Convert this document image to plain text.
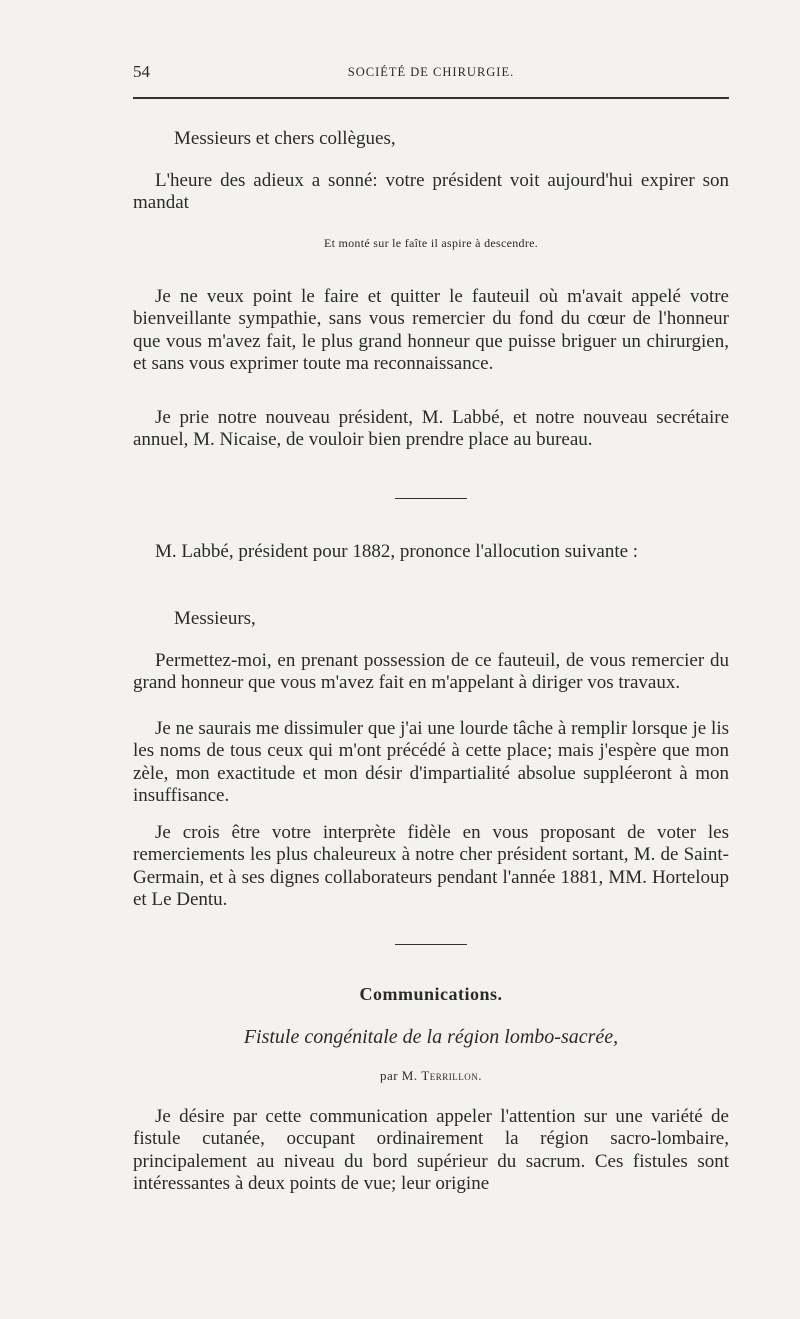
54	SOCIÉTÉ DE CHIRURGIE.
Messieurs et chers collègues,

L'heure des adieux a sonné: votre président voit aujourd'hui expirer son mandat

Et monté sur le faîte il aspire à descendre.

Je ne veux point le faire et quitter le fauteuil où m'avait appelé votre bienveillante sympathie, sans vous remercier du fond du cœur de l'honneur que vous m'avez fait, le plus grand honneur que puisse briguer un chirurgien, et sans vous exprimer toute ma reconnaissance.

Je prie notre nouveau président, M. Labbé, et notre nouveau secrétaire annuel, M. Nicaise, de vouloir bien prendre place au bureau.

M. Labbé, président pour 1882, prononce l'allocution suivante :

Messieurs,

Permettez-moi, en prenant possession de ce fauteuil, de vous remercier du grand honneur que vous m'avez fait en m'appelant à diriger vos travaux.

Je ne saurais me dissimuler que j'ai une lourde tâche à remplir lorsque je lis les noms de tous ceux qui m'ont précédé à cette place; mais j'espère que mon zèle, mon exactitude et mon désir d'impartialité absolue suppléeront à mon insuffisance.

Je crois être votre interprète fidèle en vous proposant de voter les remerciements les plus chaleureux à notre cher président sortant, M. de Saint-Germain, et à ses dignes collaborateurs pendant l'année 1881, MM. Horteloup et Le Dentu.

Communications.
Fistule congénitale de la région lombo-sacrée,
par M. Terrillon.

Je désire par cette communication appeler l'attention sur une variété de fistule cutanée, occupant ordinairement la région sacro-lombaire, principalement au niveau du bord supérieur du sacrum. Ces fistules sont intéressantes à deux points de vue; leur origine
